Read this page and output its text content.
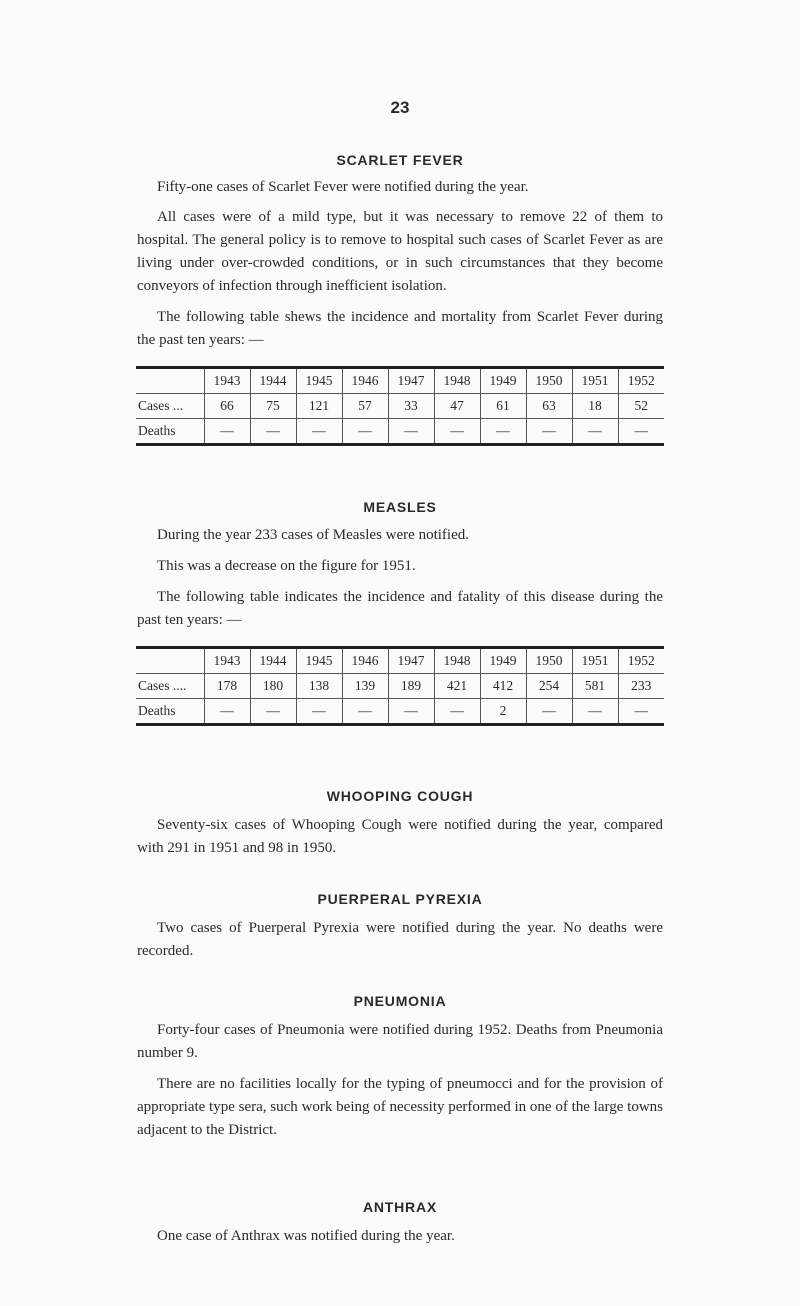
23
SCARLET FEVER
Fifty-one cases of Scarlet Fever were notified during the year.
All cases were of a mild type, but it was necessary to remove 22 of them to hospital. The general policy is to remove to hospital such cases of Scarlet Fever as are living under over-crowded conditions, or in such circumstances that they become conveyors of infection through inefficient isolation.
The following table shews the incidence and mortality from Scarlet Fever during the past ten years: —
	1943	1944	1945	1946	1947	1948	1949	1950	1951	1952
Cases ...	66	75	121	57	33	47	61	63	18	52
Deaths	—	—	—	—	—	—	—	—	—	—
MEASLES
During the year 233 cases of Measles were notified.
This was a decrease on the figure for 1951.
The following table indicates the incidence and fatality of this disease during the past ten years: —
	1943	1944	1945	1946	1947	1948	1949	1950	1951	1952
Cases ....	178	180	138	139	189	421	412	254	581	233
Deaths	—	—	—	—	—	—	2	—	—	—
WHOOPING COUGH
Seventy-six cases of Whooping Cough were notified during the year, compared with 291 in 1951 and 98 in 1950.
PUERPERAL PYREXIA
Two cases of Puerperal Pyrexia were notified during the year. No deaths were recorded.
PNEUMONIA
Forty-four cases of Pneumonia were notified during 1952. Deaths from Pneumonia number 9.
There are no facilities locally for the typing of pneumocci and for the provision of appropriate type sera, such work being of necessity performed in one of the large towns adjacent to the District.
ANTHRAX
One case of Anthrax was notified during the year.
